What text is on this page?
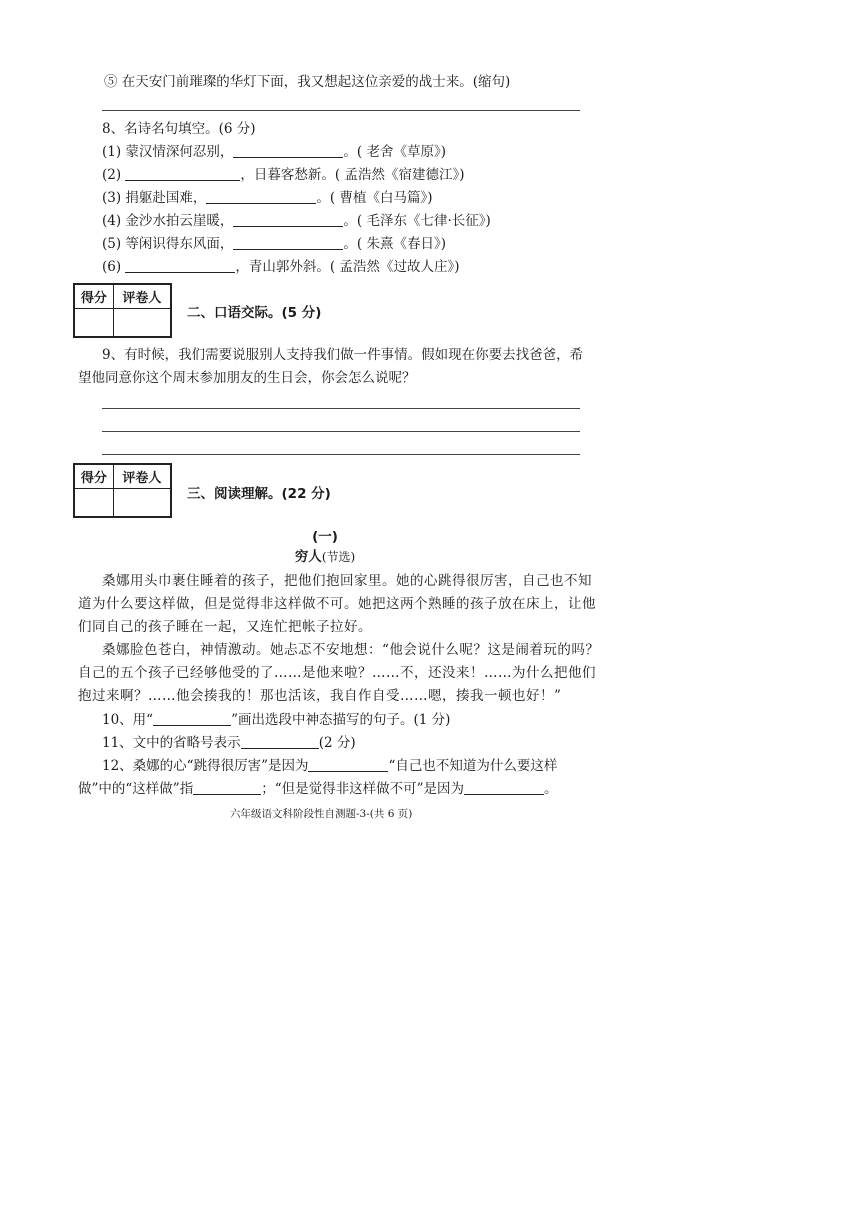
⑤ 在天安门前璀璨的华灯下面，我又想起这位亲爱的战士来。(缩句)
8、名诗名句填空。(6 分)
(1) 蒙汉情深何忍别，	。( 老舍《草原》)
(2)	，日暮客愁新。( 孟浩然《宿建德江》)
(3) 捐躯赴国难，	。( 曹植《白马篇》)
(4) 金沙水拍云崖暖，	。( 毛泽东《七律·长征》)
(5) 等闲识得东风面，	。( 朱熹《春日》)
(6)	，青山郭外斜。( 孟浩然《过故人庄》)
得分	评卷人

二、口语交际。(5 分)
9、有时候，我们需要说服别人支持我们做一件事情。假如现在你要去找爸爸，希
望他同意你这个周末参加朋友的生日会，你会怎么说呢？
得分	评卷人

三、阅读理解。(22 分)
(一)
穷人(节选)
桑娜用头巾裹住睡着的孩子，把他们抱回家里。她的心跳得很厉害，自己也不知
道为什么要这样做，但是觉得非这样做不可。她把这两个熟睡的孩子放在床上，让他
们同自己的孩子睡在一起，又连忙把帐子拉好。
桑娜脸色苍白，神情激动。她忐忑不安地想：“他会说什么呢？这是闹着玩的吗？
自己的五个孩子已经够他受的了……是他来啦？……不，还没来！……为什么把他们
抱过来啊？……他会揍我的！那也活该，我自作自受……嗯，揍我一顿也好！”
10、用“	”画出选段中神态描写的句子。(1 分)
11、文中的省略号表示	(2 分)
12、桑娜的心“跳得很厉害”是因为	“自己也不知道为什么要这样
做”中的“这样做”指	；“但是觉得非这样做不可”是因为	。
六年级语文科阶段性自测题-3-(共 6 页)
